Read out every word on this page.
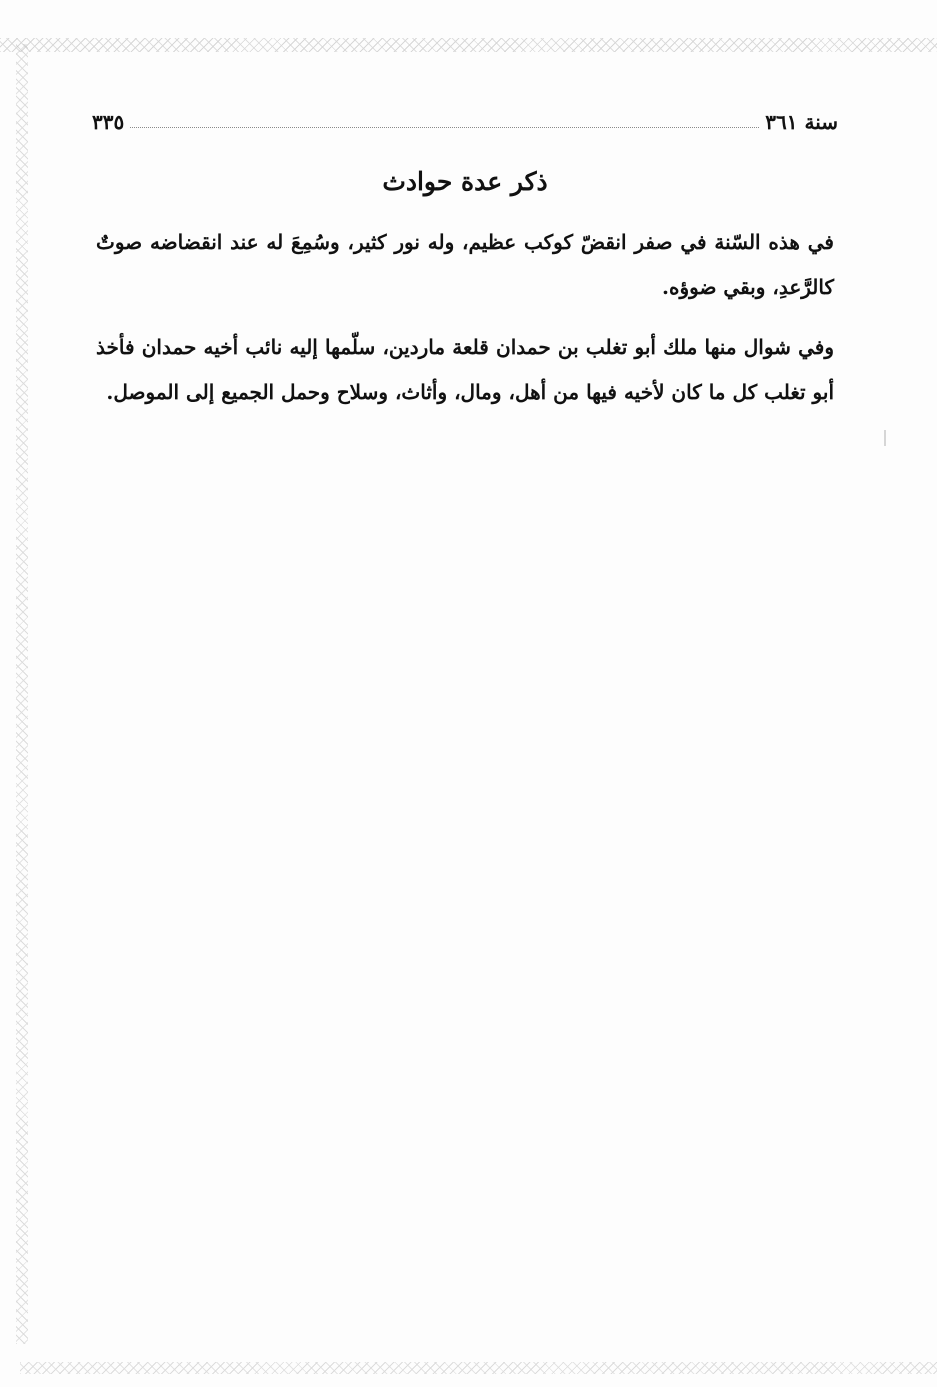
سنة ٣٦١
٣٣٥
ذكر عدة حوادث

في هذه السّنة في صفر انقضّ كوكب عظيم، وله نور كثير، وسُمِعَ له عند انقضاضه صوتٌ كالرَّعدِ، وبقي ضوؤه.

وفي شوال منها ملك أبو تغلب بن حمدان قلعة ماردين، سلّمها إليه نائب أخيه حمدان فأخذ أبو تغلب كل ما كان لأخيه فيها من أهل، ومال، وأثاث، وسلاح وحمل الجميع إلى الموصل.
